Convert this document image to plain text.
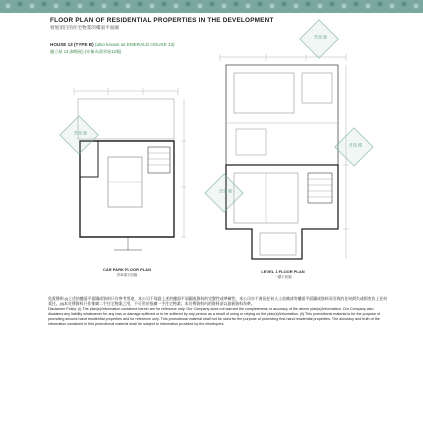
FLOOR PLAN OF RESIDENTIAL PROPERTIES IN THE DEVELOPMENT
發展項目的住宅物業的樓面平面圖
HOUSE 13 (TYPE B) (also known as EMERALD HOUSE 13)
獨立屋 13 (B類屋) (亦稱為翡翠屋13號)
CAR PARK FLOOR PLAN
停車場平面圖
LEVEL 1 FLOOR PLAN
一樓平面圖
普漢 樓
普漢 樓
普漢 樓
普漢 樓

免責聲明:(i)上述的樓面平面圖或資料只作參考用途，本公司不保證上述的樓面平面圖或資料的完整性或準確性，本公司亦不會因任何人士依賴該等樓面平面圖或資料而引致的任何損失或損害負上任何責任。(ii)本宣傳資料只作推廣二手住宅物業之用，不可用於推廣一手住宅物業；本宣傳資料內的資料須以最新資料為準。

Disclaimer Policy: (i) The plan(s)/information contained herein are for reference only. Our Company does not warrant the completeness or accuracy of the above plan(s)/information. Our Company also disclaims any liability whatsoever for any loss or damage suffered or to be suffered by any person as a result of using or relying on the plan(s)/information. (ii) This promotional material is for the purpose of promoting second-hand residential properties and for reference only. This promotional material shall not be used for the purpose of promoting first-hand residential properties. The accuracy and truth of the information contained in this promotional material shall be subject to information provided by the developers.
